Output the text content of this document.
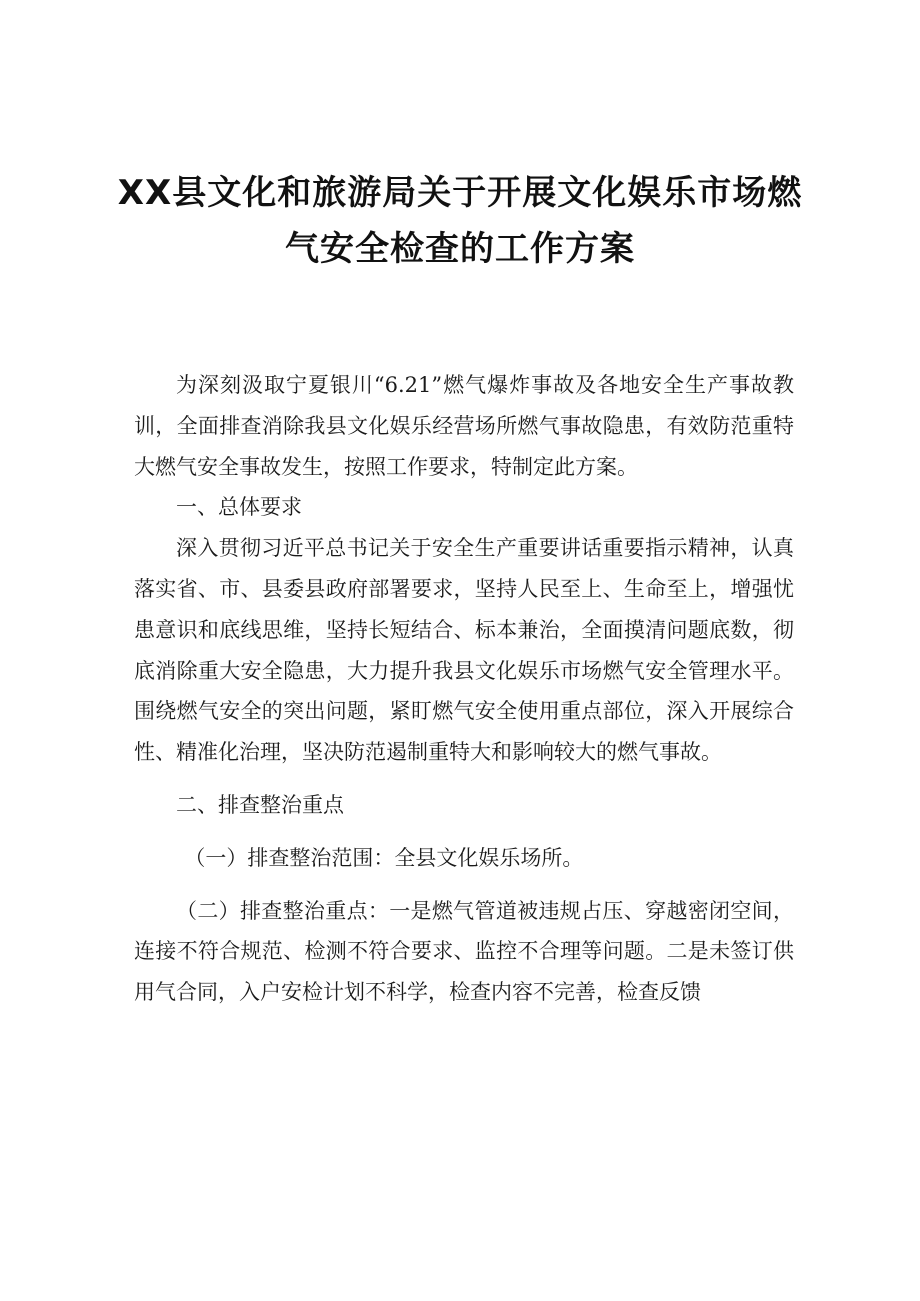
XX县文化和旅游局关于开展文化娱乐市场燃
气安全检查的工作方案

为深刻汲取宁夏银川“6.21”燃气爆炸事故及各地安全生产事故教训，全面排查消除我县文化娱乐经营场所燃气事故隐患，有效防范重特大燃气安全事故发生，按照工作要求，特制定此方案。

一、总体要求

深入贯彻习近平总书记关于安全生产重要讲话重要指示精神，认真落实省、市、县委县政府部署要求，坚持人民至上、生命至上，增强忧患意识和底线思维，坚持长短结合、标本兼治，全面摸清问题底数，彻底消除重大安全隐患，大力提升我县文化娱乐市场燃气安全管理水平。围绕燃气安全的突出问题，紧盯燃气安全使用重点部位，深入开展综合性、精准化治理，坚决防范遏制重特大和影响较大的燃气事故。

二、排查整治重点

（一）排查整治范围：全县文化娱乐场所。

（二）排查整治重点：一是燃气管道被违规占压、穿越密闭空间，连接不符合规范、检测不符合要求、监控不合理等问题。二是未签订供用气合同，入户安检计划不科学，检查内容不完善，检查反馈
